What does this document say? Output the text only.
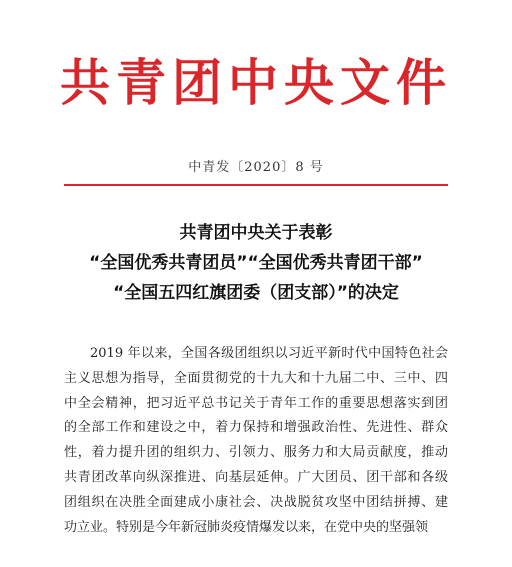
共青团中央文件
中青发〔2020〕8 号
共青团中央关于表彰
“全国优秀共青团员”“全国优秀共青团干部”
“全国五四红旗团委（团支部）”的决定
2019 年以来，全国各级团组织以习近平新时代中国特色社会
主义思想为指导，全面贯彻党的十九大和十九届二中、三中、四
中全会精神，把习近平总书记关于青年工作的重要思想落实到团
的全部工作和建设之中，着力保持和增强政治性、先进性、群众
性，着力提升团的组织力、引领力、服务力和大局贡献度，推动
共青团改革向纵深推进、向基层延伸。广大团员、团干部和各级
团组织在决胜全面建成小康社会、决战脱贫攻坚中团结拼搏、建
功立业。特别是今年新冠肺炎疫情爆发以来，在党中央的坚强领
